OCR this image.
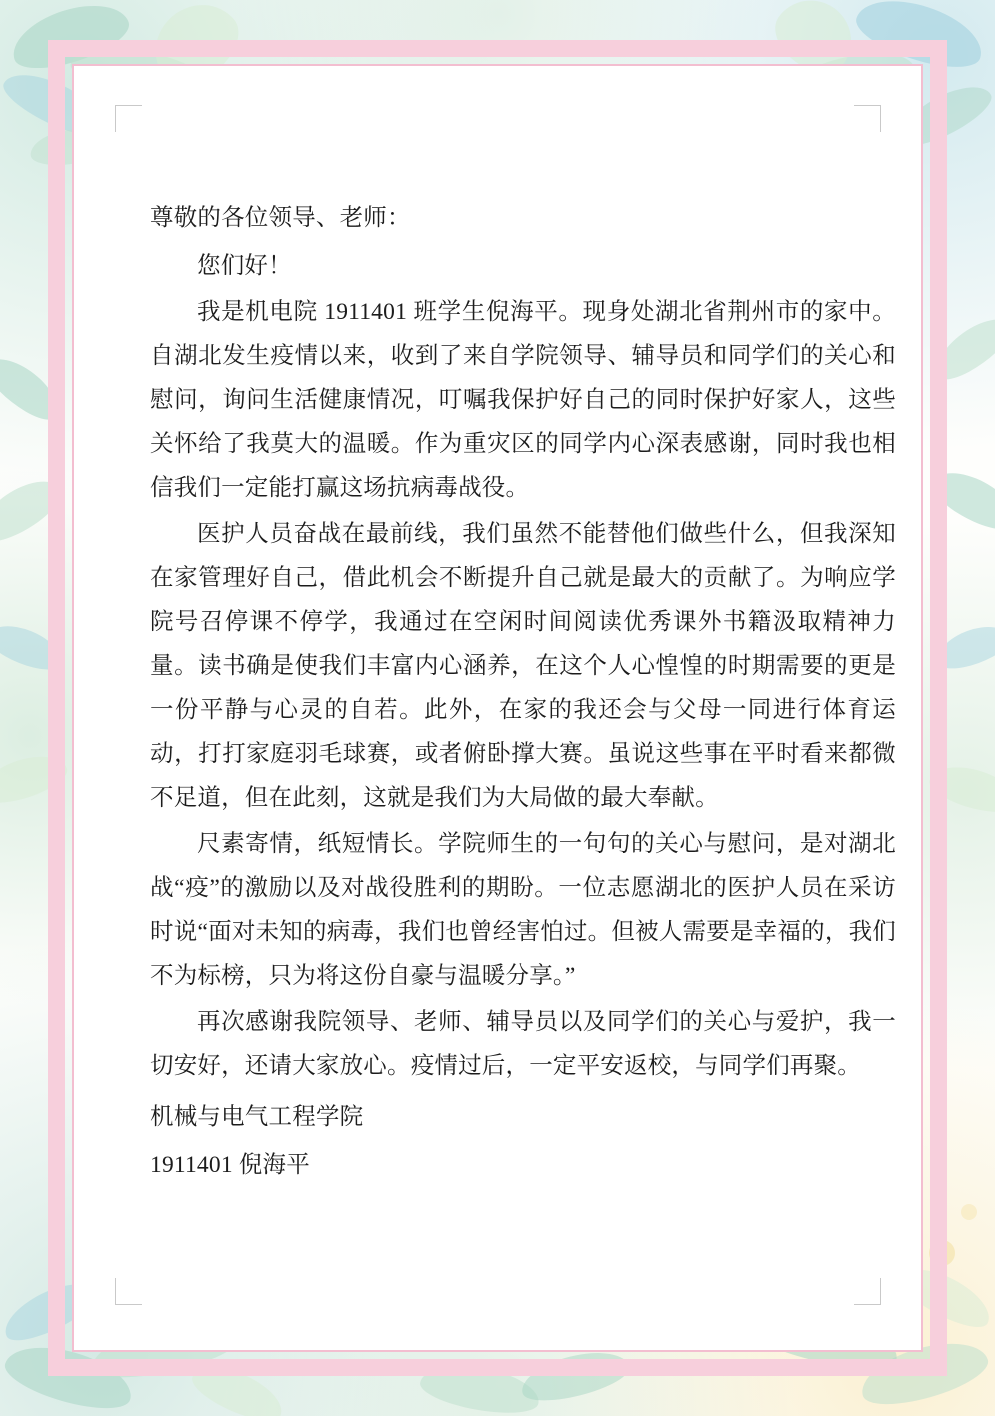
尊敬的各位领导、老师：

您们好！

我是机电院 1911401 班学生倪海平。现身处湖北省荆州市的家中。自湖北发生疫情以来，收到了来自学院领导、辅导员和同学们的关心和慰问，询问生活健康情况，叮嘱我保护好自己的同时保护好家人，这些关怀给了我莫大的温暖。作为重灾区的同学内心深表感谢，同时我也相信我们一定能打赢这场抗病毒战役。

医护人员奋战在最前线，我们虽然不能替他们做些什么，但我深知在家管理好自己，借此机会不断提升自己就是最大的贡献了。为响应学院号召停课不停学，我通过在空闲时间阅读优秀课外书籍汲取精神力量。读书确是使我们丰富内心涵养，在这个人心惶惶的时期需要的更是一份平静与心灵的自若。此外，在家的我还会与父母一同进行体育运动，打打家庭羽毛球赛，或者俯卧撑大赛。虽说这些事在平时看来都微不足道，但在此刻，这就是我们为大局做的最大奉献。

尺素寄情，纸短情长。学院师生的一句句的关心与慰问，是对湖北战“疫”的激励以及对战役胜利的期盼。一位志愿湖北的医护人员在采访时说“面对未知的病毒，我们也曾经害怕过。但被人需要是幸福的，我们不为标榜，只为将这份自豪与温暖分享。”

再次感谢我院领导、老师、辅导员以及同学们的关心与爱护，我一切安好，还请大家放心。疫情过后，一定平安返校，与同学们再聚。

机械与电气工程学院

1911401 倪海平
